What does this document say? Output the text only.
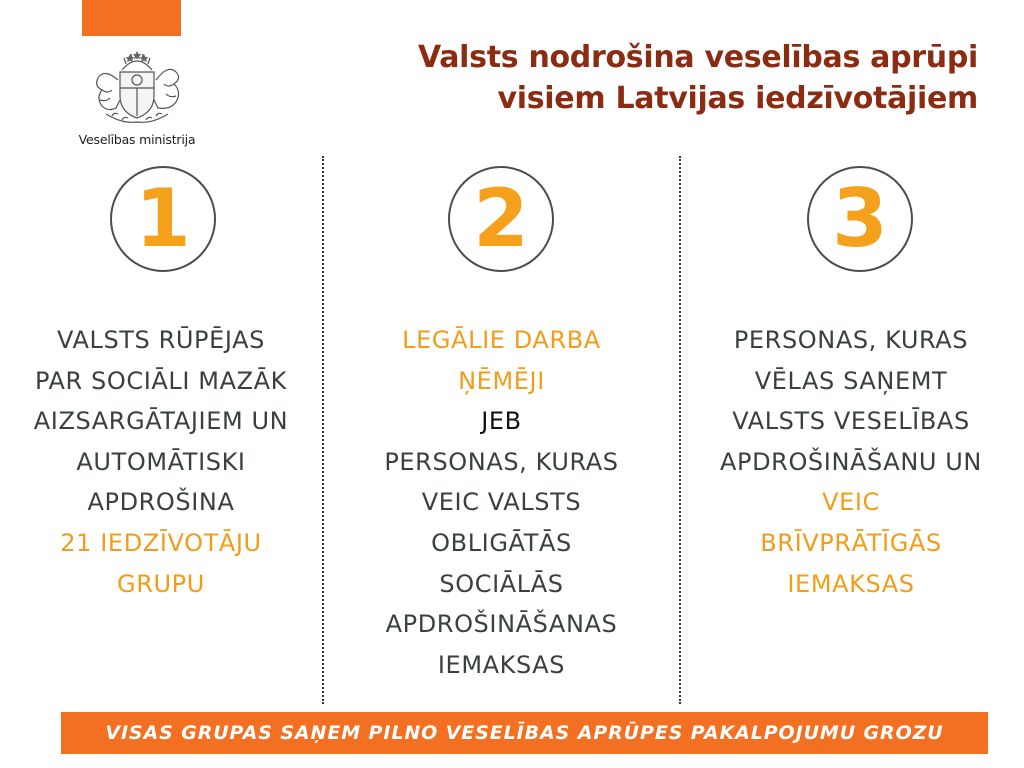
Veselības ministrija
Valsts nodrošina veselības aprūpi
visiem Latvijas iedzīvotājiem
1
VALSTS RŪPĒJAS
PAR SOCIĀLI MAZĀK
AIZSARGĀTAJIEM UN
AUTOMĀTISKI
APDROŠINA
21 IEDZĪVOTĀJU
GRUPU
2
LEGĀLIE DARBA
ŅĒMĒJI
JEB
PERSONAS, KURAS
VEIC VALSTS
OBLIGĀTĀS
SOCIĀLĀS
APDROŠINĀŠANAS
IEMAKSAS
3
PERSONAS, KURAS
VĒLAS SAŅEMT
VALSTS VESELĪBAS
APDROŠINĀŠANU UN
VEIC
BRĪVPRĀTĪGĀS
IEMAKSAS
VISAS GRUPAS SAŅEM PILNO VESELĪBAS APRŪPES PAKALPOJUMU GROZU
